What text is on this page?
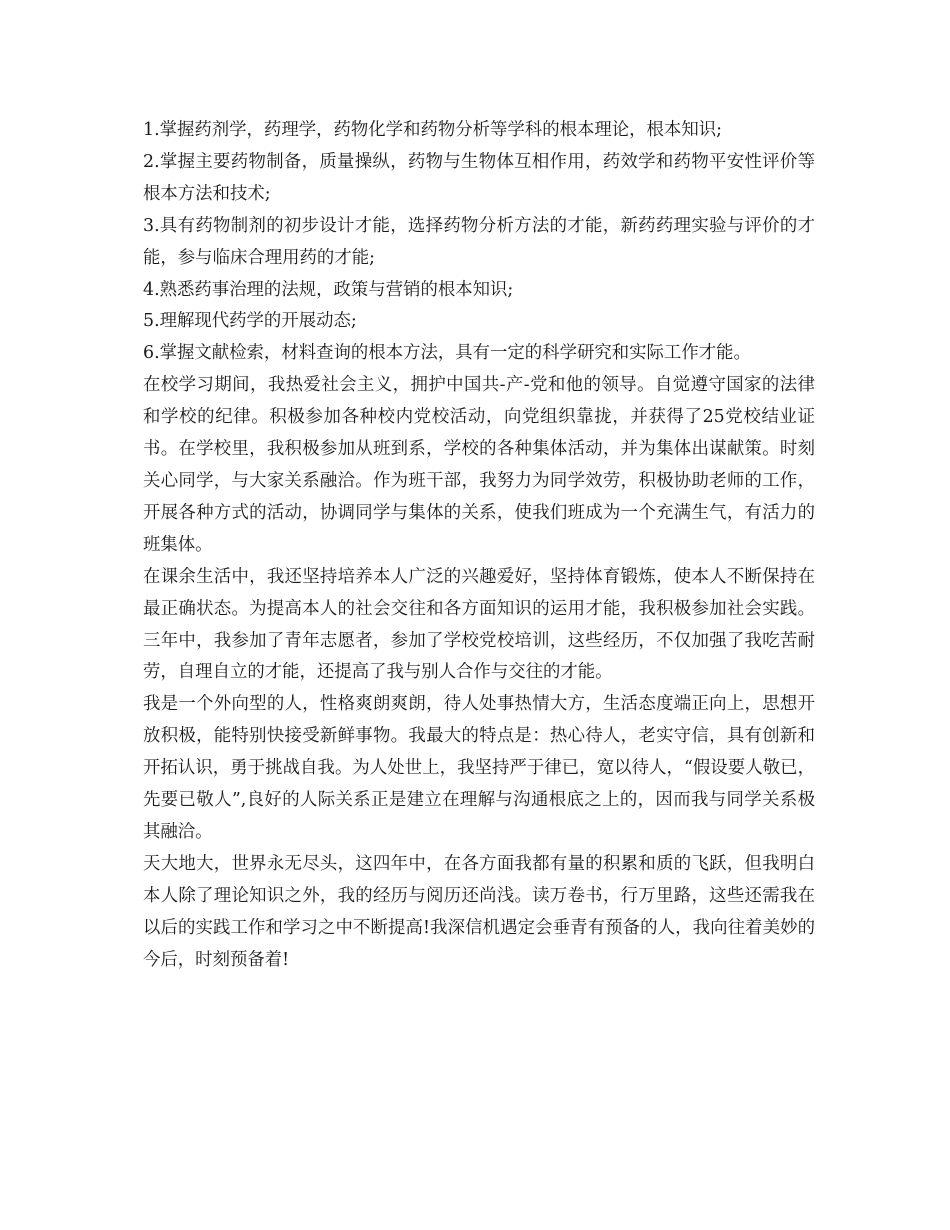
1.掌握药剂学，药理学，药物化学和药物分析等学科的根本理论，根本知识;

2.掌握主要药物制备，质量操纵，药物与生物体互相作用，药效学和药物平安性评价等根本方法和技术;

3.具有药物制剂的初步设计才能，选择药物分析方法的才能，新药药理实验与评价的才能，参与临床合理用药的才能;

4.熟悉药事治理的法规，政策与营销的根本知识;

5.理解现代药学的开展动态;

6.掌握文献检索，材料查询的根本方法，具有一定的科学研究和实际工作才能。

在校学习期间，我热爱社会主义，拥护中国共-产-党和他的领导。自觉遵守国家的法律和学校的纪律。积极参加各种校内党校活动，向党组织靠拢，并获得了25党校结业证书。在学校里，我积极参加从班到系，学校的各种集体活动，并为集体出谋献策。时刻关心同学，与大家关系融洽。作为班干部，我努力为同学效劳，积极协助老师的工作，开展各种方式的活动，协调同学与集体的关系，使我们班成为一个充满生气，有活力的班集体。

在课余生活中，我还坚持培养本人广泛的兴趣爱好，坚持体育锻炼，使本人不断保持在最正确状态。为提高本人的社会交往和各方面知识的运用才能，我积极参加社会实践。三年中，我参加了青年志愿者，参加了学校党校培训，这些经历，不仅加强了我吃苦耐劳，自理自立的才能，还提高了我与别人合作与交往的才能。

我是一个外向型的人，性格爽朗爽朗，待人处事热情大方，生活态度端正向上，思想开放积极，能特别快接受新鲜事物。我最大的特点是：热心待人，老实守信，具有创新和开拓认识，勇于挑战自我。为人处世上，我坚持严于律已，宽以待人，“假设要人敬已，先要已敬人”,良好的人际关系正是建立在理解与沟通根底之上的，因而我与同学关系极其融洽。

天大地大，世界永无尽头，这四年中，在各方面我都有量的积累和质的飞跃，但我明白本人除了理论知识之外，我的经历与阅历还尚浅。读万卷书，行万里路，这些还需我在以后的实践工作和学习之中不断提高!我深信机遇定会垂青有预备的人，我向往着美妙的今后，时刻预备着!
